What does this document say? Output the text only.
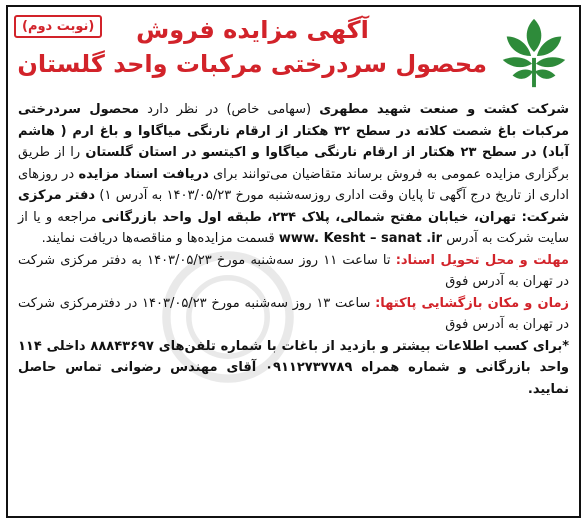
آگهی مزایده فروش
محصول سردرختی مرکبات واحد گلستان
(نوبت دوم)

شرکت کشت و صنعت شهید مطهری (سهامی خاص) در نظر دارد محصول سردرختی مرکبات باغ شصت کلاته در سطح ۳۲ هکتار از ارقام نارنگی میاگاوا و باغ ارم ( هاشم آباد) در سطح ۲۳ هکتار از ارقام نارنگی میاگاوا و اکیتسو در استان گلستان را از طریق برگزاری مزایده عمومی به فروش برساند متقاضیان می‌توانند برای دریافت اسناد مزایده در روزهای اداری از تاریخ درج آگهی تا پایان وقت اداری روزسه‌شنبه مورخ ۱۴۰۳/۰۵/۲۳ به آدرس ۱) دفتر مرکزی شرکت: تهران، خیابان مفتح شمالی، پلاک ۲۳۴، طبقه اول واحد بازرگانی مراجعه و یا از سایت شرکت به آدرس www. Kesht – sanat .ir قسمت مزایده‌ها و مناقصه‌ها دریافت نمایند.

مهلت و محل تحویل اسناد: تا ساعت ۱۱ روز سه‌شنبه مورخ ۱۴۰۳/۰۵/۲۳ به دفتر مرکزی شرکت در تهران به آدرس فوق

زمان و مکان بازگشایی پاکتها: ساعت ۱۳ روز سه‌شنبه مورخ ۱۴۰۳/۰۵/۲۳ در دفترمرکزی شرکت در تهران به آدرس فوق

*برای کسب اطلاعات بیشتر و بازدید از باغات با شماره تلفن‌های ۸۸۸۴۳۶۹۷ داخلی ۱۱۴ واحد بازرگانی و شماره همراه ۰۹۱۱۲۷۳۷۷۸۹ آقای مهندس رضوانی تماس حاصل نمایید.
